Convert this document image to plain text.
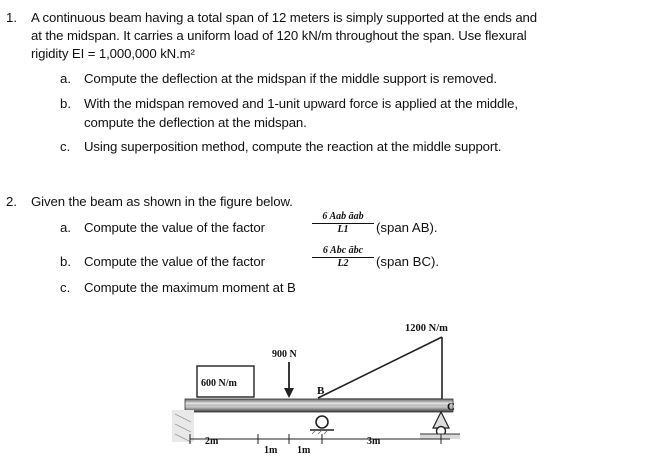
1. A continuous beam having a total span of 12 meters is simply supported at the ends and
at the midspan. It carries a uniform load of 120 kN/m throughout the span. Use flexural
rigidity EI = 1,000,000 kN.m²
a. Compute the deflection at the midspan if the middle support is removed.
b. With the midspan removed and 1-unit upward force is applied at the middle,
compute the deflection at the midspan.
c. Using superposition method, compute the reaction at the middle support.
2. Given the beam as shown in the figure below.
a. Compute the value of the factor
6 Aab āab
L1	(span AB).
b. Compute the value of the factor
6 Abc ābc
L2	(span BC).
c. Compute the maximum moment at B
1200 N/m
600 N/m
900 N
B
C
2m
1m 1m
3m
